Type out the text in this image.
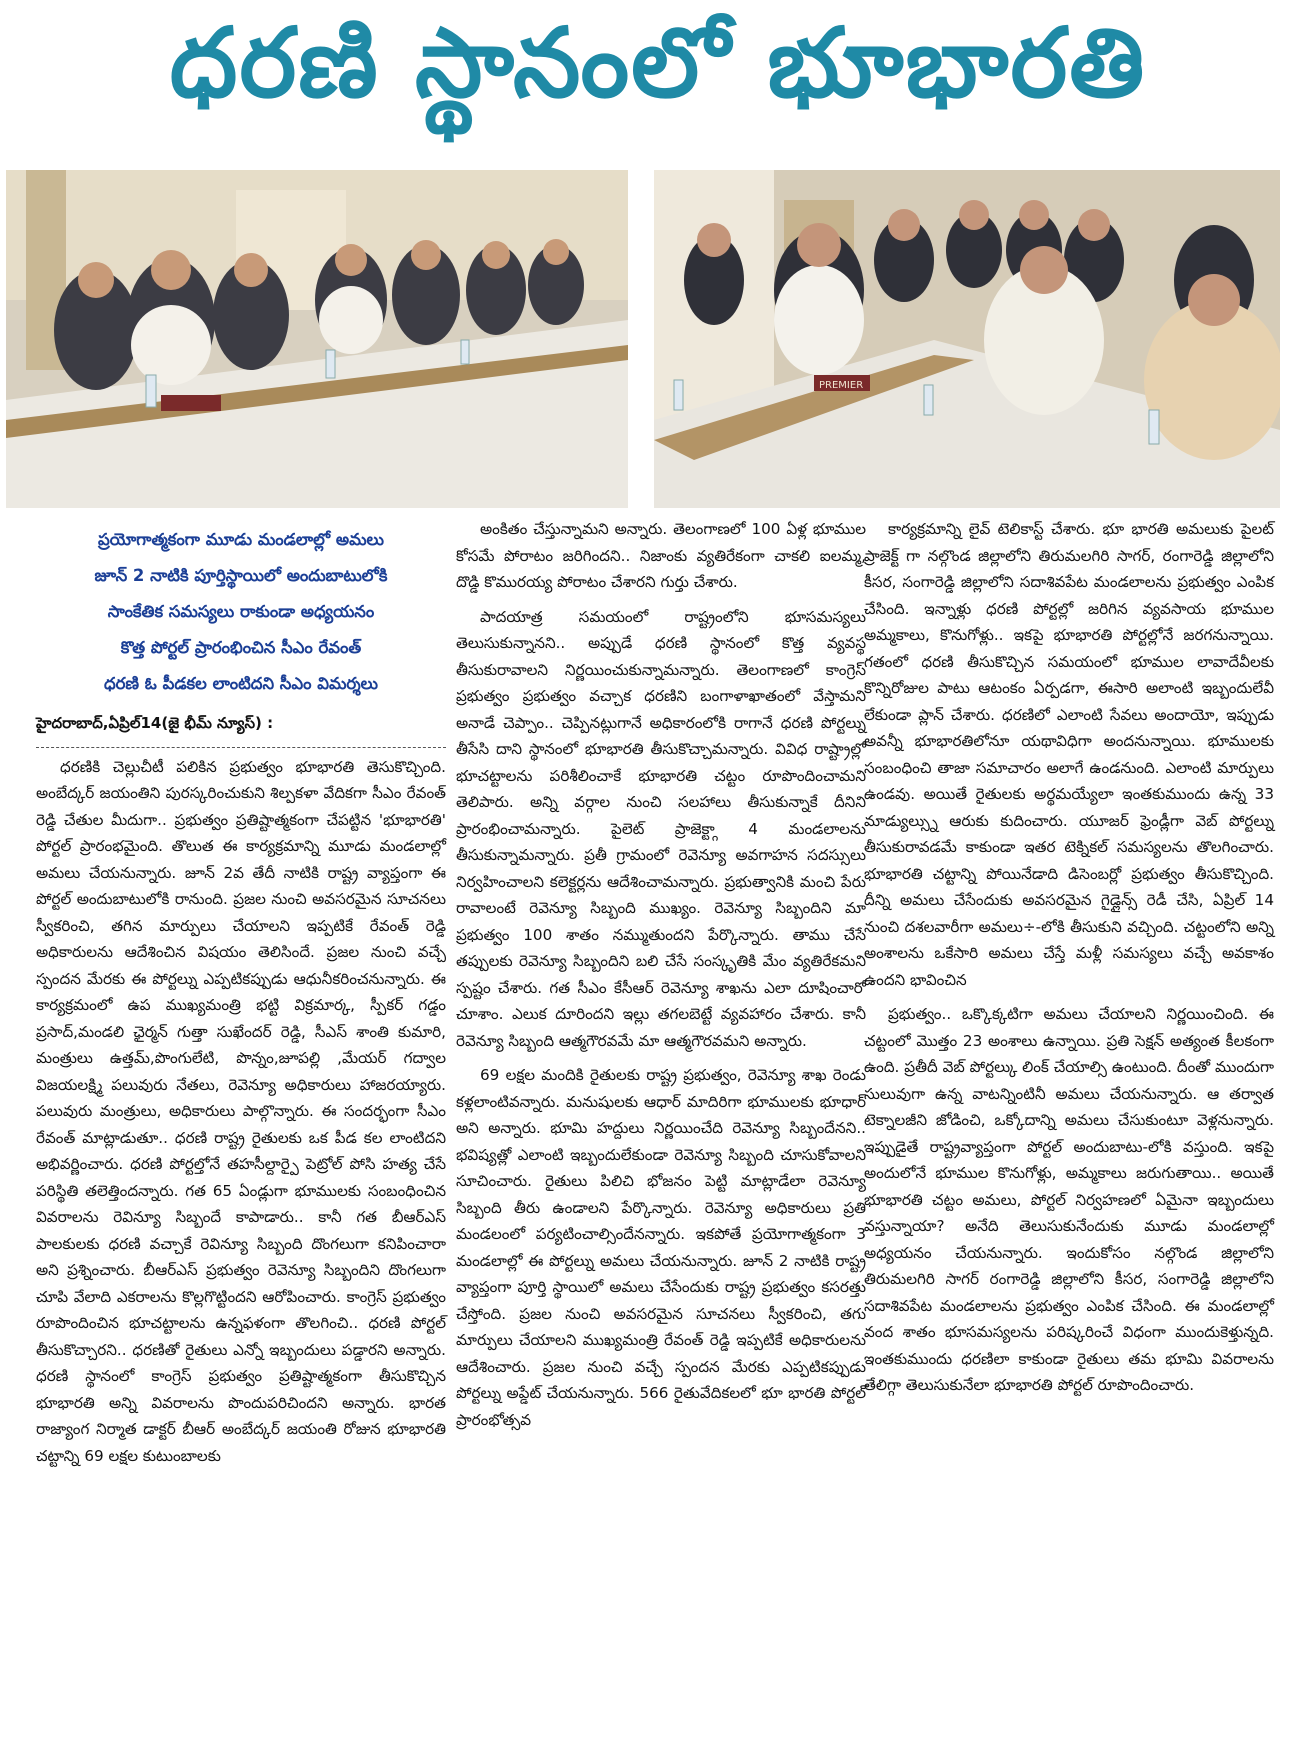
ధరణి స్థానంలో భూభారతి
PREMIER
ప్రయోగాత్మకంగా మూడు మండలాల్లో అమలు
జూన్ 2 నాటికి పూర్తిస్థాయిలో అందుబాటులోకి
సాంకేతిక సమస్యలు రాకుండా అధ్యయనం
కొత్త పోర్టల్ ప్రారంభించిన సీఎం రేవంత్
ధరణి ఓ పీడకల లాంటిదని సీఎం విమర్శలు
హైదరాబాద్,ఏప్రిల్14(జై భీమ్ న్యూస్) :

ధరణికి చెల్లుచీటీ పలికిన ప్రభుత్వం భూభారతి తెసుకొచ్చింది. అంబేద్కర్ జయంతిని పురస్కరించుకుని శిల్పకళా వేదికగా సీఎం రేవంత్ రెడ్డి చేతుల మీదుగా.. ప్రభుత్వం ప్రతిష్టాత్మకంగా చేపట్టిన 'భూభారతి' పోర్టల్ ప్రారంభమైంది. తొలుత ఈ కార్యక్రమాన్ని మూడు మండలాల్లో అమలు చేయనున్నారు. జూన్ 2వ తేదీ నాటికి రాష్ట్ర వ్యాప్తంగా ఈ పోర్టల్ అందుబాటులోకి రానుంది. ప్రజల నుంచి అవసరమైన సూచనలు స్వీకరించి, తగిన మార్పులు చేయాలని ఇప్పటికే రేవంత్ రెడ్డి అధికారులను ఆదేశించిన విషయం తెలిసిందే. ప్రజల నుంచి వచ్చే స్పందన మేరకు ఈ పోర్టల్ను ఎప్పటికప్పుడు ఆధునీకరించనున్నారు. ఈ కార్యక్రమంలో ఉప ముఖ్యమంత్రి భట్టి విక్రమార్క, స్పీకర్ గడ్డం ప్రసాద్,మండలి ఛైర్మన్ గుత్తా సుఖేందర్ రెడ్డి, సీఎస్ శాంతి కుమారి, మంత్రులు ఉత్తమ్,పొంగులేటి, పొన్నం,జూపల్లి ,మేయర్ గద్వాల విజయలక్ష్మి పలువురు నేతలు, రెవెన్యూ అధికారులు హాజరయ్యారు. పలువురు మంత్రులు, అధికారులు పాల్గొన్నారు. ఈ సందర్భంగా సీఎం రేవంత్ మాట్లాడుతూ.. ధరణి రాష్ట్ర రైతులకు ఒక పీడ కల లాంటిదని అభివర్ణించారు. ధరణి పోర్టల్తోనే తహసీల్దార్పై పెట్రోల్ పోసి హత్య చేసే పరిస్థితి తలెత్తిందన్నారు. గత 65 ఏండ్లుగా భూములకు సంబంధించిన వివరాలను రెవిన్యూ సిబ్బందే కాపాడారు.. కానీ గత బీఆర్ఎస్ పాలకులకు ధరణి వచ్చాకే రెవిన్యూ సిబ్బంది దొంగలుగా కనిపించారా అని ప్రశ్నించారు. బీఆర్ఎస్ ప్రభుత్వం రెవెన్యూ సిబ్బందిని దొంగలుగా చూపి వేలాది ఎకరాలను కొల్లగొట్టిందని ఆరోపించారు. కాంగ్రెస్ ప్రభుత్వం రూపొందించిన భూచట్టాలను ఉన్నఫళంగా తొలగించి.. ధరణి పోర్టల్ తీసుకొచ్చారని.. ధరణితో రైతులు ఎన్నో ఇబ్బందులు పడ్డారని అన్నారు. ధరణి స్థానంలో కాంగ్రెస్ ప్రభుత్వం ప్రతిష్టాత్మకంగా తీసుకొచ్చిన భూభారతి అన్ని వివరాలను పొందుపరిచిందని అన్నారు. భారత రాజ్యాంగ నిర్మాత డాక్టర్ బీఆర్ అంబేద్కర్ జయంతి రోజున భూభారతి చట్టాన్ని 69 లక్షల కుటుంబాలకు

అంకితం చేస్తున్నామని అన్నారు. తెలంగాణలో 100 ఏళ్ల భూముల కోసమే పోరాటం జరిగిందని.. నిజాంకు వ్యతిరేకంగా చాకలి ఐలమ్మ, దొడ్డి కొమురయ్య పోరాటం చేశారని గుర్తు చేశారు.

పాదయాత్ర సమయంలో రాష్ట్రంలోని భూసమస్యలు తెలుసుకున్నానని.. అప్పుడే ధరణి స్థానంలో కొత్త వ్యవస్థ తీసుకురావాలని నిర్ణయించుకున్నామన్నారు. తెలంగాణలో కాంగ్రెస్ ప్రభుత్వం ప్రభుత్వం వచ్చాక ధరణిని బంగాళాఖాతంలో వేస్తామని అనాడే చెప్పాం.. చెప్పినట్లుగానే అధికారంలోకి రాగానే ధరణి పోర్టల్ను తీసేసి దాని స్థానంలో భూభారతి తీసుకొచ్చామన్నారు. వివిధ రాష్ట్రాల్లో భూచట్టాలను పరిశీలించాకే భూభారతి చట్టం రూపొందించామని తెలిపారు. అన్ని వర్గాల నుంచి సలహాలు తీసుకున్నాకే దీనిని ప్రారంభించామన్నారు. పైలెట్ ప్రాజెక్ట్గా 4 మండలాలను తీసుకున్నామన్నారు. ప్రతీ గ్రామంలో రెవెన్యూ అవగాహన సదస్సులు నిర్వహించాలని కలెక్టర్లను ఆదేశించామన్నారు. ప్రభుత్వానికి మంచి పేరు రావాలంటే రెవెన్యూ సిబ్బంది ముఖ్యం. రెవెన్యూ సిబ్బందిని మా ప్రభుత్వం 100 శాతం నమ్ముతుందని పేర్కొన్నారు. తాము చేసే తప్పులకు రెవెన్యూ సిబ్బందిని బలి చేసే సంస్కృతికి మేం వ్యతిరేకమని స్పష్టం చేశారు. గత సీఎం కేసీఆర్ రెవెన్యూ శాఖను ఎలా దూషించారో చూశాం. ఎలుక దూరిందని ఇల్లు తగలబెట్టే వ్యవహారం చేశారు. కానీ రెవెన్యూ సిబ్బంది ఆత్మగౌరవమే మా ఆత్మగౌరవమని అన్నారు.

69 లక్షల మందికి రైతులకు రాష్ట్ర ప్రభుత్వం, రెవెన్యూ శాఖ రెండు కళ్లలాంటివన్నారు. మనుషులకు ఆధార్ మాదిరిగా భూములకు భూధార్ అని అన్నారు. భూమి హద్దులు నిర్ణయించేది రెవెన్యూ సిబ్బందేనని.. భవిష్యత్లో ఎలాంటి ఇబ్బందులేకుండా రెవెన్యూ సిబ్బంది చూసుకోవాలని సూచించారు. రైతులు పిలిచి భోజనం పెట్టి మాట్లాడేలా రెవెన్యూ సిబ్బంది తీరు ఉండాలని పేర్కొన్నారు. రెవెన్యూ అధికారులు ప్రతి మండలంలో పర్యటించాల్సిందేనన్నారు. ఇకపోతే ప్రయోగాత్మకంగా 3 మండలాల్లో ఈ పోర్టల్ను అమలు చేయనున్నారు. జూన్ 2 నాటికి రాష్ట్ర వ్యాప్తంగా పూర్తి స్థాయిలో అమలు చేసేందుకు రాష్ట్ర ప్రభుత్వం కసరత్తు చేస్తోంది. ప్రజల నుంచి అవసరమైన సూచనలు స్వీకరించి, తగు మార్పులు చేయాలని ముఖ్యమంత్రి రేవంత్ రెడ్డి ఇప్పటికే అధికారులను ఆదేశించారు. ప్రజల నుంచి వచ్చే స్పందన మేరకు ఎప్పటికప్పుడు పోర్టల్ను అప్డేట్ చేయనున్నారు. 566 రైతువేదికలలో భూ భారతి పోర్టల్ ప్రారంభోత్సవ

కార్యక్రమాన్ని లైవ్ టెలికాస్ట్ చేశారు. భూ భారతి అమలుకు పైలట్ ప్రాజెక్ట్ గా నల్గొండ జిల్లాలోని తిరుమలగిరి సాగర్, రంగారెడ్డి జిల్లాలోని కీసర, సంగారెడ్డి జిల్లాలోని సదాశివపేట మండలాలను ప్రభుత్వం ఎంపిక చేసింది. ఇన్నాళ్లు ధరణి పోర్టల్లో జరిగిన వ్యవసాయ భూముల అమ్మకాలు, కొనుగోళ్లు.. ఇకపై భూభారతి పోర్టల్లోనే జరగనున్నాయి. గతంలో ధరణి తీసుకొచ్చిన సమయంలో భూముల లావాదేవీలకు కొన్నిరోజుల పాటు ఆటంకం ఏర్పడగా, ఈసారి అలాంటి ఇబ్బందులేవీ లేకుండా ప్లాన్ చేశారు. ధరణిలో ఎలాంటి సేవలు అందాయో, ఇప్పుడు అవన్నీ భూభారతిలోనూ యథావిధిగా అందనున్నాయి. భూములకు సంబంధించి తాజా సమాచారం అలాగే ఉండనుంది. ఎలాంటి మార్పులు ఉండవు. అయితే రైతులకు అర్థమయ్యేలా ఇంతకుముందు ఉన్న 33 మాడ్యుల్స్ను ఆరుకు కుదించారు. యూజర్ ఫ్రెండ్లీగా వెబ్ పోర్టల్ను తీసుకురావడమే కాకుండా ఇతర టెక్నికల్ సమస్యలను తొలగించారు. భూభారతి చట్టాన్ని పోయినేడాది డిసెంబర్లో ప్రభుత్వం తీసుకొచ్చింది. దీన్ని అమలు చేసేందుకు అవసరమైన గైడ్లైన్స్ రెడీ చేసి, ఏప్రిల్ 14 నుంచి దశలవారీగా అమలు÷-లోకి తీసుకుని వచ్చింది. చట్టంలోని అన్ని అంశాలను ఒకేసారి అమలు చేస్తే మళ్లీ సమస్యలు వచ్చే అవకాశం ఉందని భావించిన

ప్రభుత్వం.. ఒక్కొక్కటిగా అమలు చేయాలని నిర్ణయించింది. ఈ చట్టంలో మొత్తం 23 అంశాలు ఉన్నాయి. ప్రతి సెక్షన్ అత్యంత కీలకంగా ఉంది. ప్రతీదీ వెబ్ పోర్టల్కు లింక్ చేయాల్సి ఉంటుంది. దీంతో ముందుగా సులువుగా ఉన్న వాటన్నింటినీ అమలు చేయనున్నారు. ఆ తర్వాత టెక్నాలజీని జోడించి, ఒక్కోదాన్ని అమలు చేసుకుంటూ వెళ్లనున్నారు. ఇప్పుడైతే రాష్ట్రవ్యాప్తంగా పోర్టల్ అందుబాటు-లోకి వస్తుంది. ఇకపై అందులోనే భూముల కొనుగోళ్లు, అమ్మకాలు జరుగుతాయి.. అయితే భూభారతి చట్టం అమలు, పోర్టల్ నిర్వహణలో ఏమైనా ఇబ్బందులు వస్తున్నాయా? అనేది తెలుసుకునేందుకు మూడు మండలాల్లో అధ్యయనం చేయనున్నారు. ఇందుకోసం నల్గొండ జిల్లాలోని తిరుమలగిరి సాగర్ రంగారెడ్డి జిల్లాలోని కీసర, సంగారెడ్డి జిల్లాలోని సదాశివపేట మండలాలను ప్రభుత్వం ఎంపిక చేసింది. ఈ మండలాల్లో వంద శాతం భూసమస్యలను పరిష్కరించే విధంగా ముందుకెళ్తున్నది. ఇంతకుముందు ధరణిలా కాకుండా రైతులు తమ భూమి వివరాలను తేలిగ్గా తెలుసుకునేలా భూభారతి పోర్టల్ రూపొందించారు.
